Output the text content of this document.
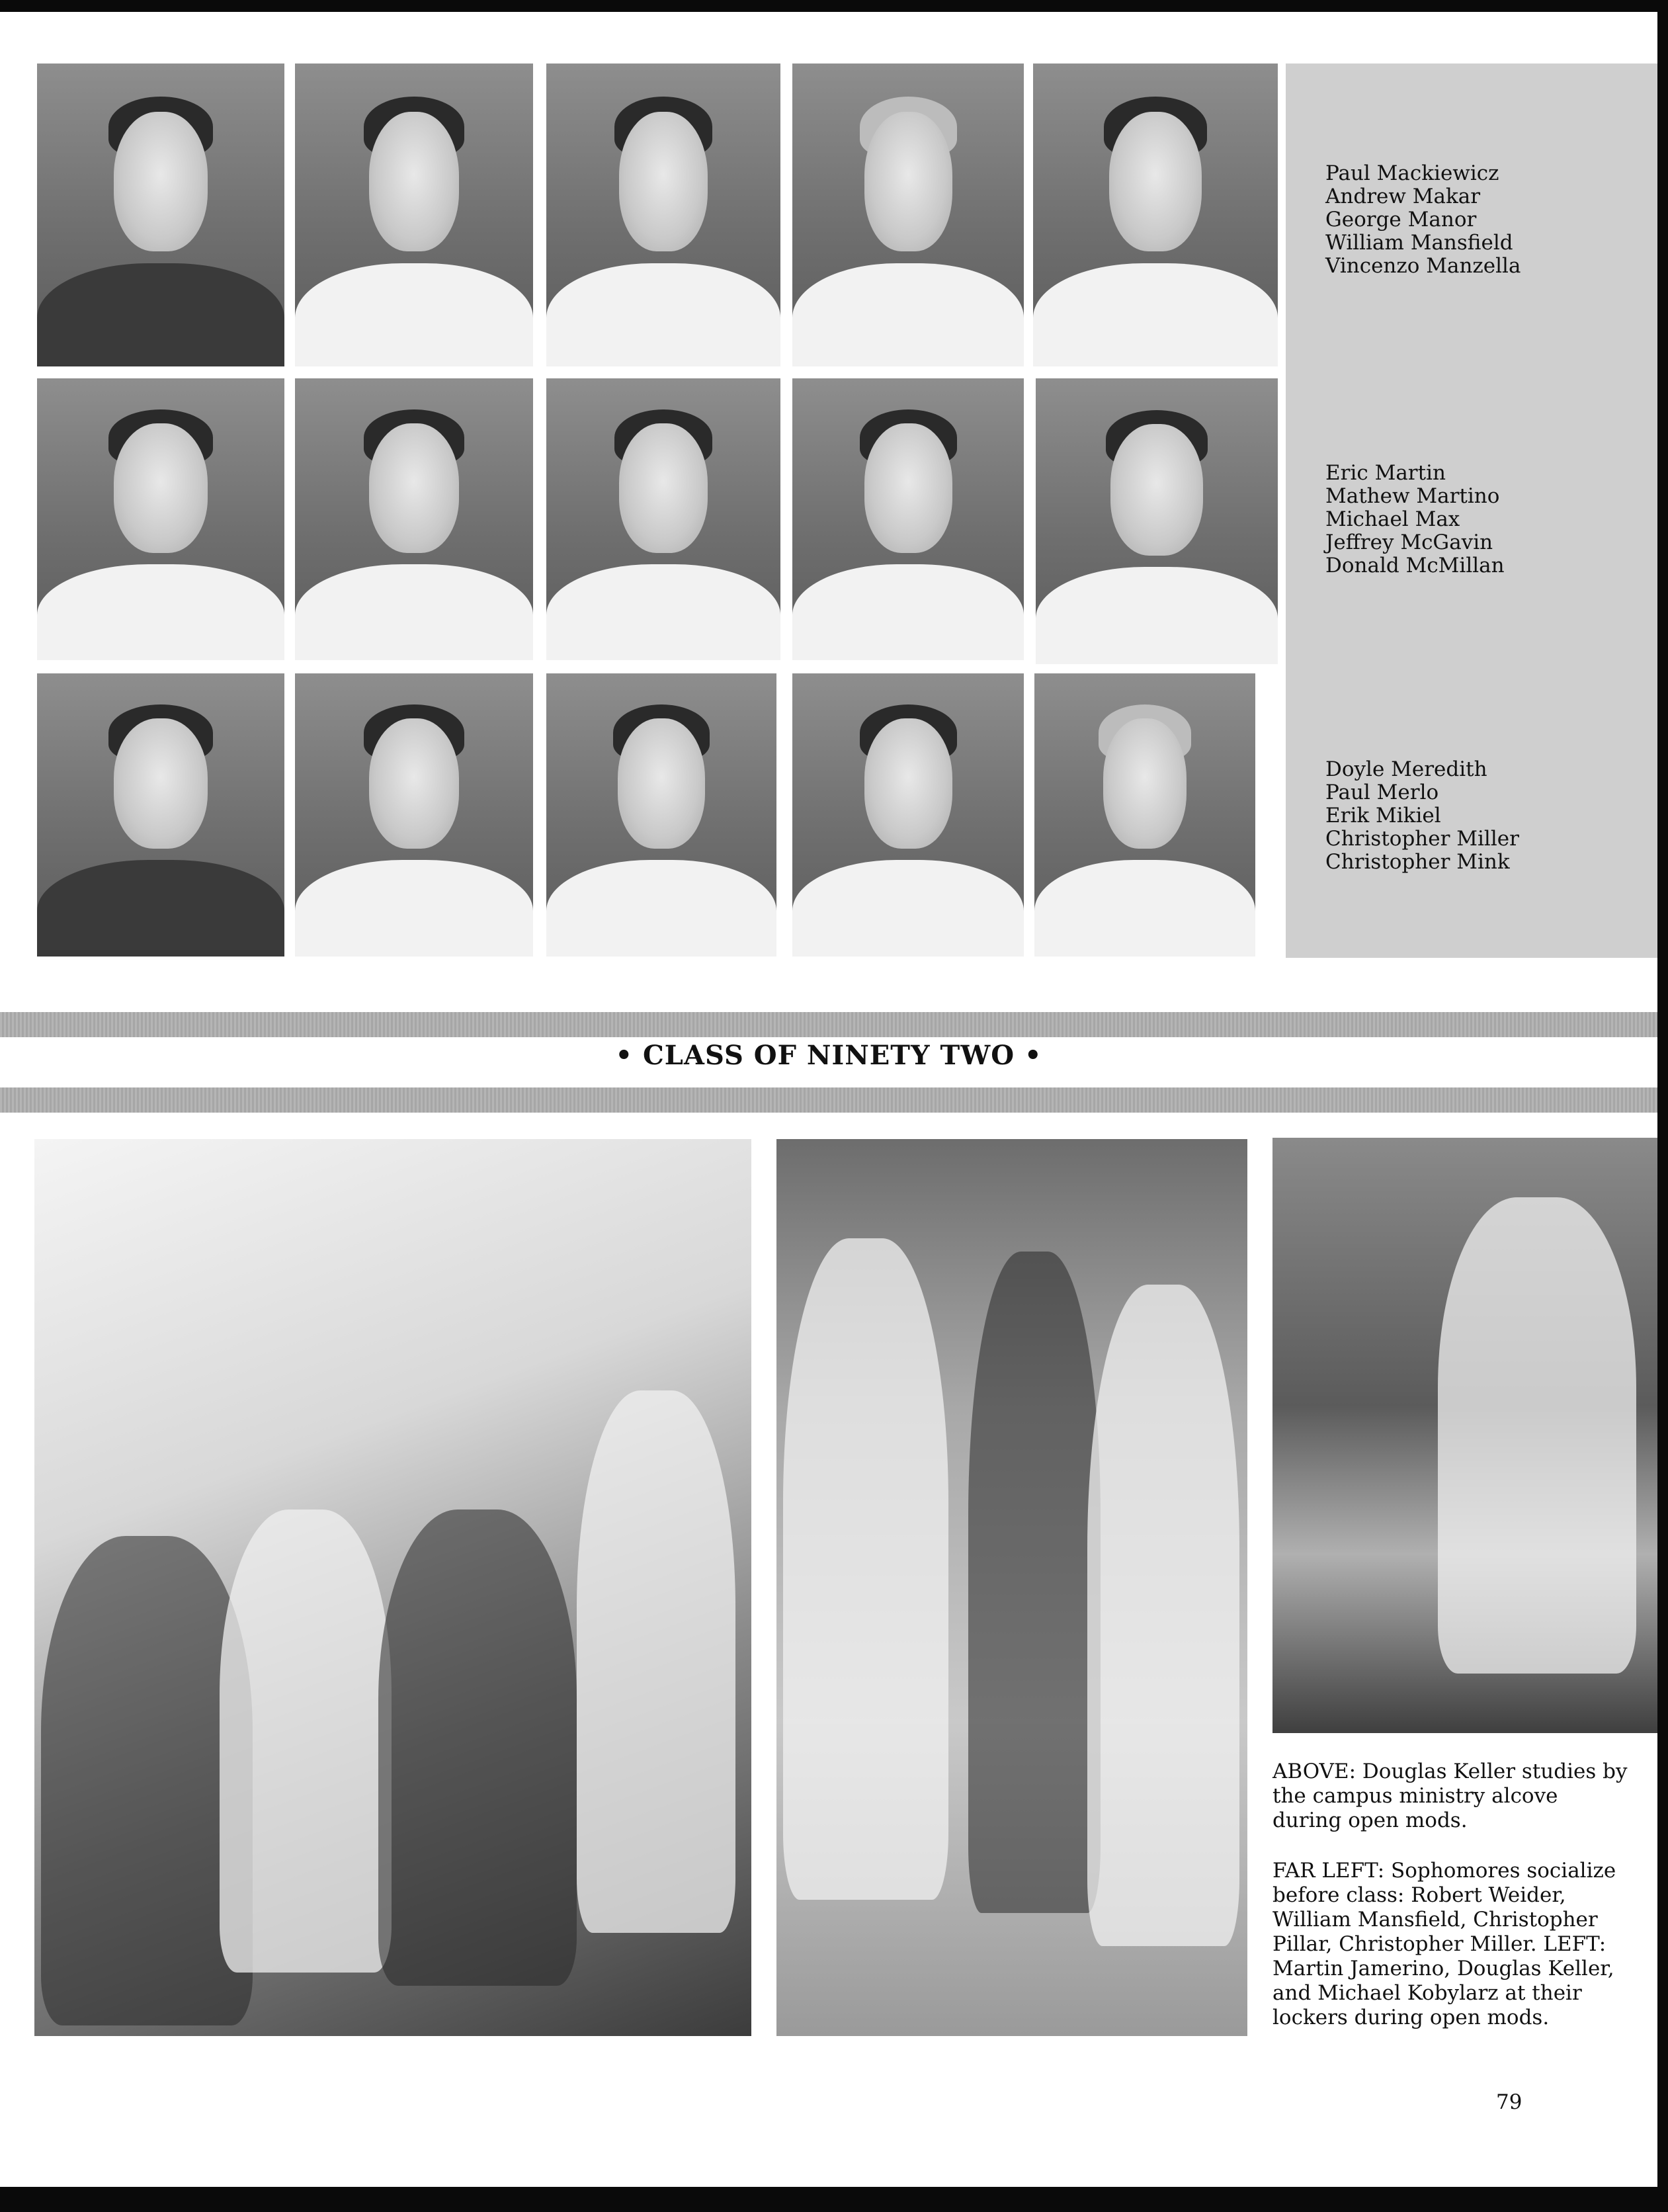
Paul Mackiewicz
Andrew Makar
George Manor
William Mansfield
Vincenzo Manzella
Eric Martin
Mathew Martino
Michael Max
Jeffrey McGavin
Donald McMillan
Doyle Meredith
Paul Merlo
Erik Mikiel
Christopher Miller
Christopher Mink
• CLASS OF NINETY TWO •
ABOVE: Douglas Keller studies by the campus ministry alcove during open mods.
FAR LEFT: Sophomores socialize before class: Robert Weider, William Mansfield, Christopher Pillar, Christopher Miller. LEFT: Martin Jamerino, Douglas Keller, and Michael Kobylarz at their lockers during open mods.
79
